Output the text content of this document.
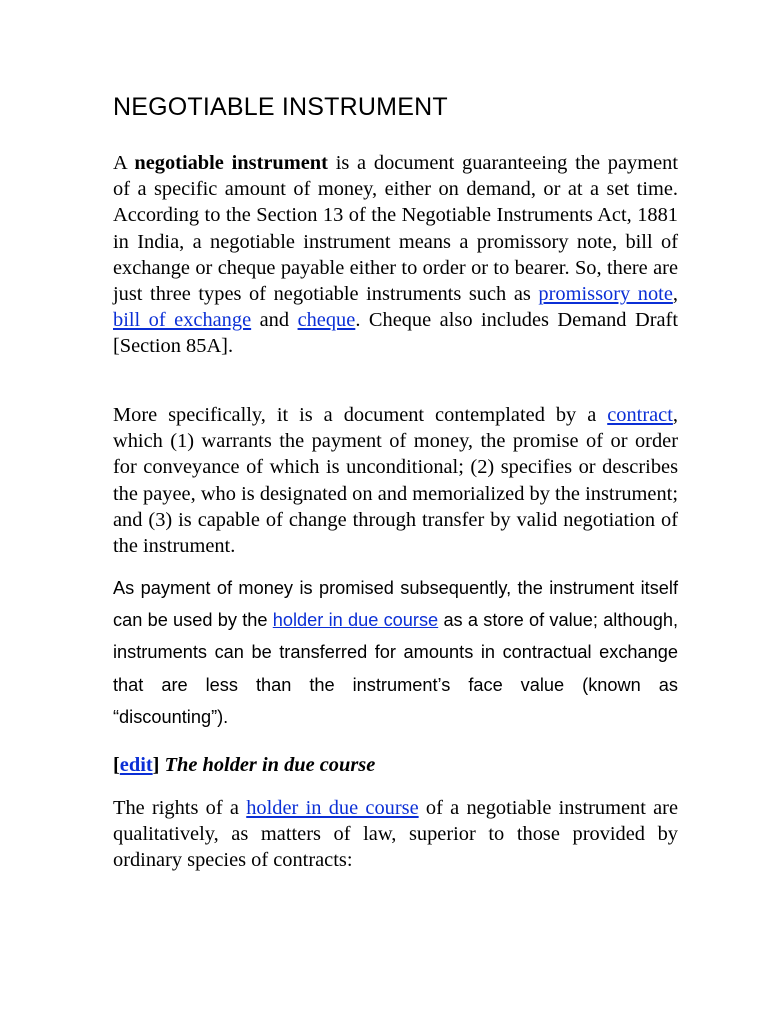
NEGOTIABLE INSTRUMENT

A negotiable instrument is a document guaranteeing the payment of a specific amount of money, either on demand, or at a set time. According to the Section 13 of the Negotiable Instruments Act, 1881 in India, a negotiable instrument means a promissory note, bill of exchange or cheque payable either to order or to bearer. So, there are just three types of negotiable instruments such as promissory note, bill of exchange and cheque. Cheque also includes Demand Draft [Section 85A].

More specifically, it is a document contemplated by a contract, which (1) warrants the payment of money, the promise of or order for conveyance of which is unconditional; (2) specifies or describes the payee, who is designated on and memorialized by the instrument; and (3) is capable of change through transfer by valid negotiation of the instrument.

As payment of money is promised subsequently, the instrument itself can be used by the holder in due course as a store of value; although, instruments can be transferred for amounts in contractual exchange that are less than the instrument’s face value (known as “discounting”).

[edit] The holder in due course

The rights of a holder in due course of a negotiable instrument are qualitatively, as matters of law, superior to those provided by ordinary species of contracts:
